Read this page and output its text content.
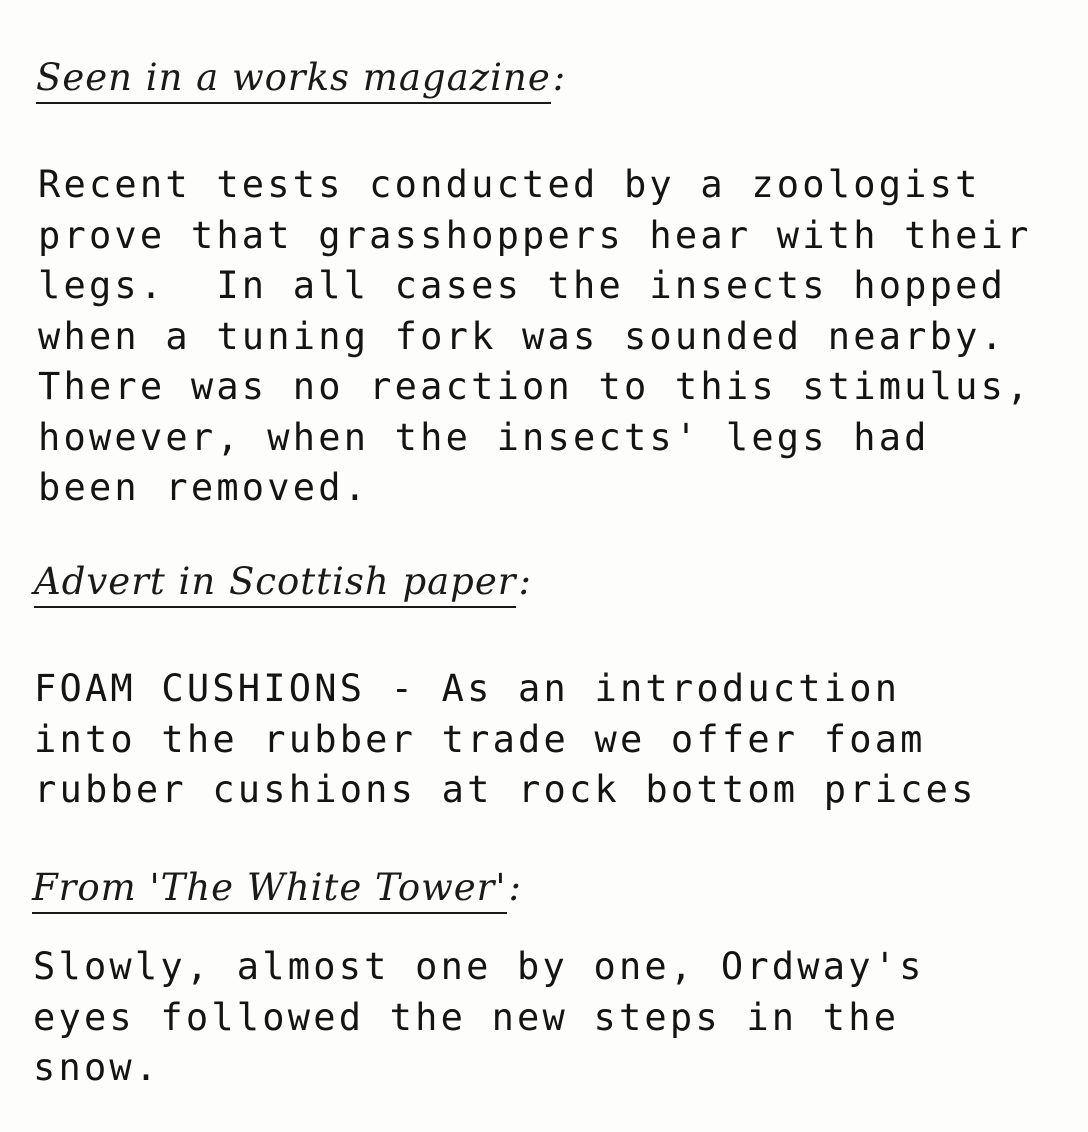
Seen in a works magazine:
Recent tests conducted by a zoologist
prove that grasshoppers hear with their
legs.  In all cases the insects hopped
when a tuning fork was sounded nearby.
There was no reaction to this stimulus,
however, when the insects' legs had
been removed.
Advert in Scottish paper:
FOAM CUSHIONS - As an introduction
into the rubber trade we offer foam
rubber cushions at rock bottom prices
From 'The White Tower':
Slowly, almost one by one, Ordway's
eyes followed the new steps in the
snow.
